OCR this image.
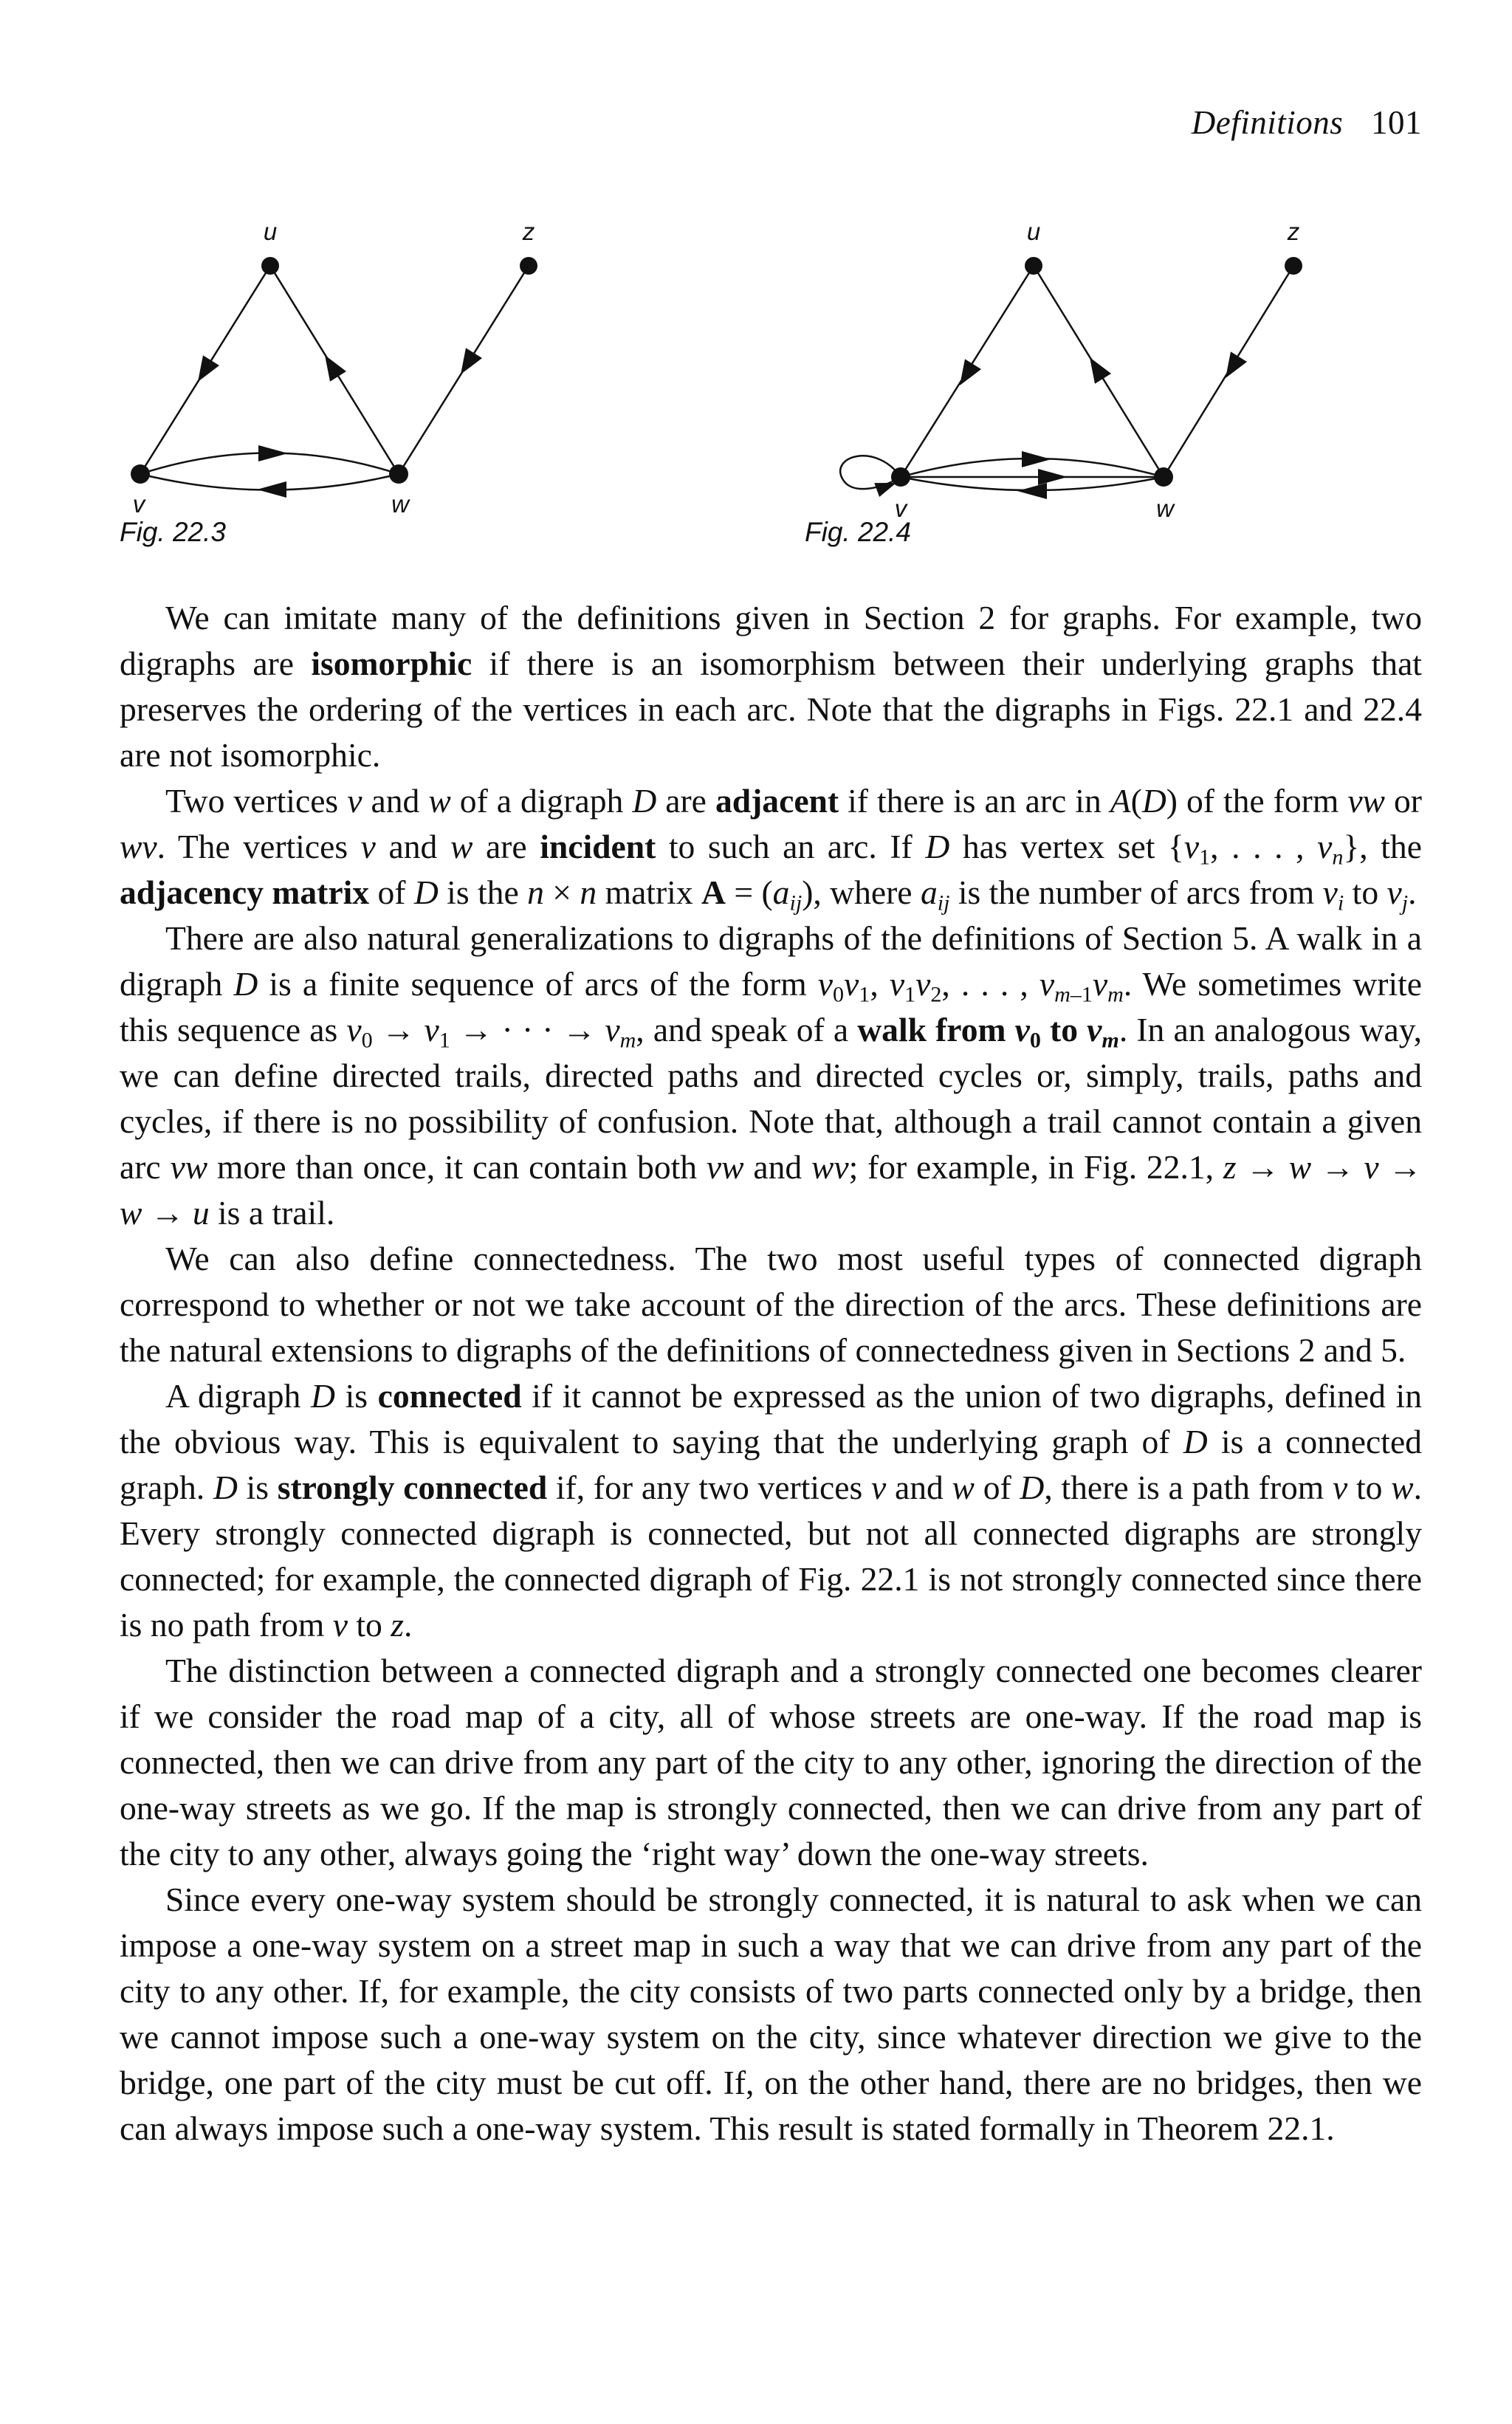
Definitions 101
u	z
v	w
Fig. 22.3
u	z
v	w
Fig. 22.4

We can imitate many of the definitions given in Section 2 for graphs. For example, two digraphs are isomorphic if there is an isomorphism between their underlying graphs that preserves the ordering of the vertices in each arc. Note that the digraphs in Figs. 22.1 and 22.4 are not isomorphic.

Two vertices v and w of a digraph D are adjacent if there is an arc in A(D) of the form vw or wv. The vertices v and w are incident to such an arc. If D has vertex set {$v_1$, . . . , $v_n$}, the adjacency matrix of D is the n × n matrix $A = (a_{ij})$, where $a_{ij}$ is the number of arcs from $v_i$ to $v_j$.

There are also natural generalizations to digraphs of the definitions of Section 5. A walk in a digraph D is a finite sequence of arcs of the form $v_0v_1$, $v_1v_2$, . . . , $v_{m-1}v_m$. We sometimes write this sequence as $v_0 \to v_1$ → · · · → $v_m$, and speak of a walk from $v_0$ to $v_m$. In an analogous way, we can define directed trails, directed paths and directed cycles or, simply, trails, paths and cycles, if there is no possibility of confusion. Note that, although a trail cannot contain a given arc vw more than once, it can contain both vw and wv; for example, in Fig. 22.1, z → w → v → w → u is a trail.

We can also define connectedness. The two most useful types of connected digraph correspond to whether or not we take account of the direction of the arcs. These definitions are the natural extensions to digraphs of the definitions of connectedness given in Sections 2 and 5.

A digraph D is connected if it cannot be expressed as the union of two digraphs, defined in the obvious way. This is equivalent to saying that the underlying graph of D is a connected graph. D is strongly connected if, for any two vertices v and w of D, there is a path from v to w. Every strongly connected digraph is connected, but not all connected digraphs are strongly connected; for example, the connected digraph of Fig. 22.1 is not strongly connected since there is no path from v to z.

The distinction between a connected digraph and a strongly connected one becomes clearer if we consider the road map of a city, all of whose streets are one-way. If the road map is connected, then we can drive from any part of the city to any other, ignoring the direction of the one-way streets as we go. If the map is strongly connected, then we can drive from any part of the city to any other, always going the ‘right way’ down the one-way streets.

Since every one-way system should be strongly connected, it is natural to ask when we can impose a one-way system on a street map in such a way that we can drive from any part of the city to any other. If, for example, the city consists of two parts connected only by a bridge, then we cannot impose such a one-way system on the city, since whatever direction we give to the bridge, one part of the city must be cut off. If, on the other hand, there are no bridges, then we can always impose such a one-way system. This result is stated formally in Theorem 22.1.
